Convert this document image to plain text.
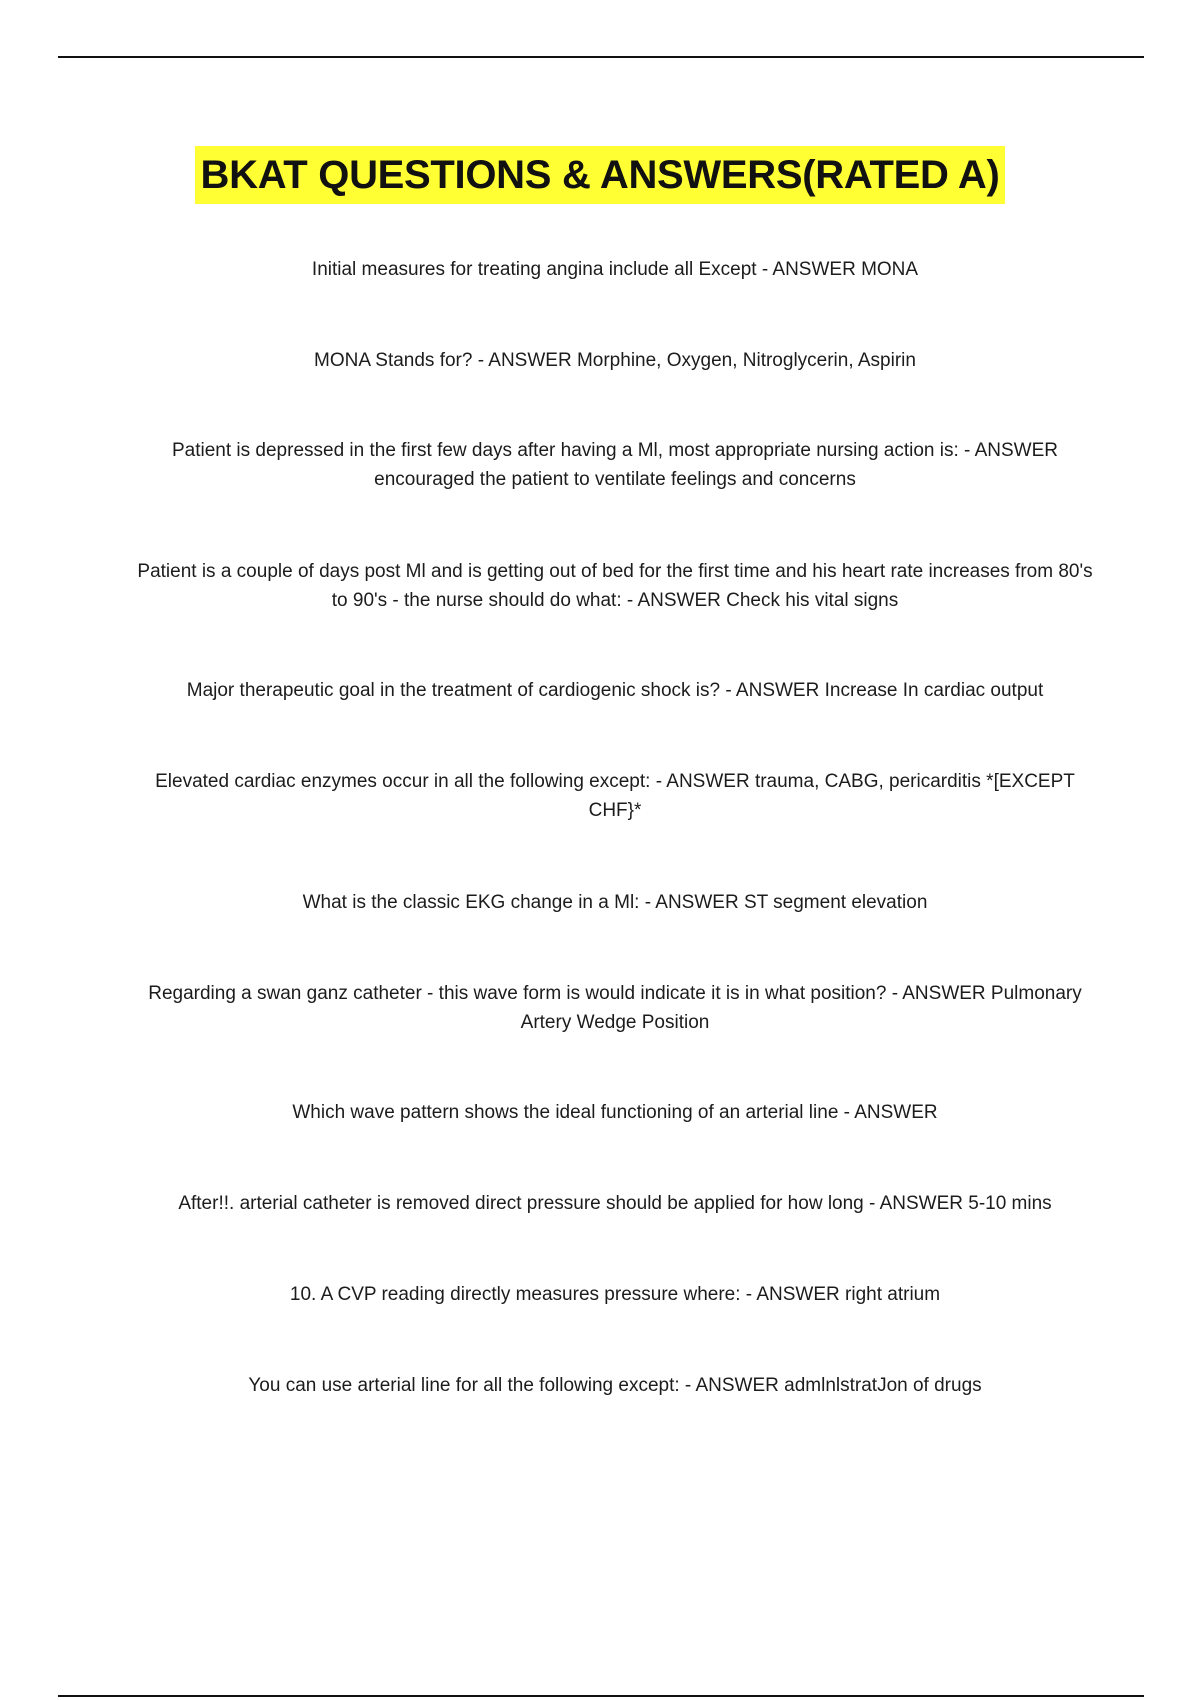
BKAT QUESTIONS & ANSWERS(RATED A)

Initial measures for treating angina include all Except - ANSWER MONA

MONA Stands for? - ANSWER Morphine, Oxygen, Nitroglycerin, Aspirin

Patient is depressed in the first few days after having a Ml, most appropriate nursing action is: - ANSWER encouraged the patient to ventilate feelings and concerns

Patient is a couple of days post Ml and is getting out of bed for the first time and his heart rate increases from 80's to 90's - the nurse should do what: - ANSWER Check his vital signs

Major therapeutic goal in the treatment of cardiogenic shock is? - ANSWER Increase In cardiac output

Elevated cardiac enzymes occur in all the following except: - ANSWER trauma, CABG, pericarditis *[EXCEPT CHF}*

What is the classic EKG change in a Ml: - ANSWER ST segment elevation

Regarding a swan ganz catheter - this wave form is would indicate it is in what position? - ANSWER Pulmonary Artery Wedge Position

Which wave pattern shows the ideal functioning of an arterial line - ANSWER

After!!. arterial catheter is removed direct pressure should be applied for how long - ANSWER 5-10 mins

10. A CVP reading directly measures pressure where: - ANSWER right atrium

You can use arterial line for all the following except: - ANSWER admlnlstratJon of drugs
